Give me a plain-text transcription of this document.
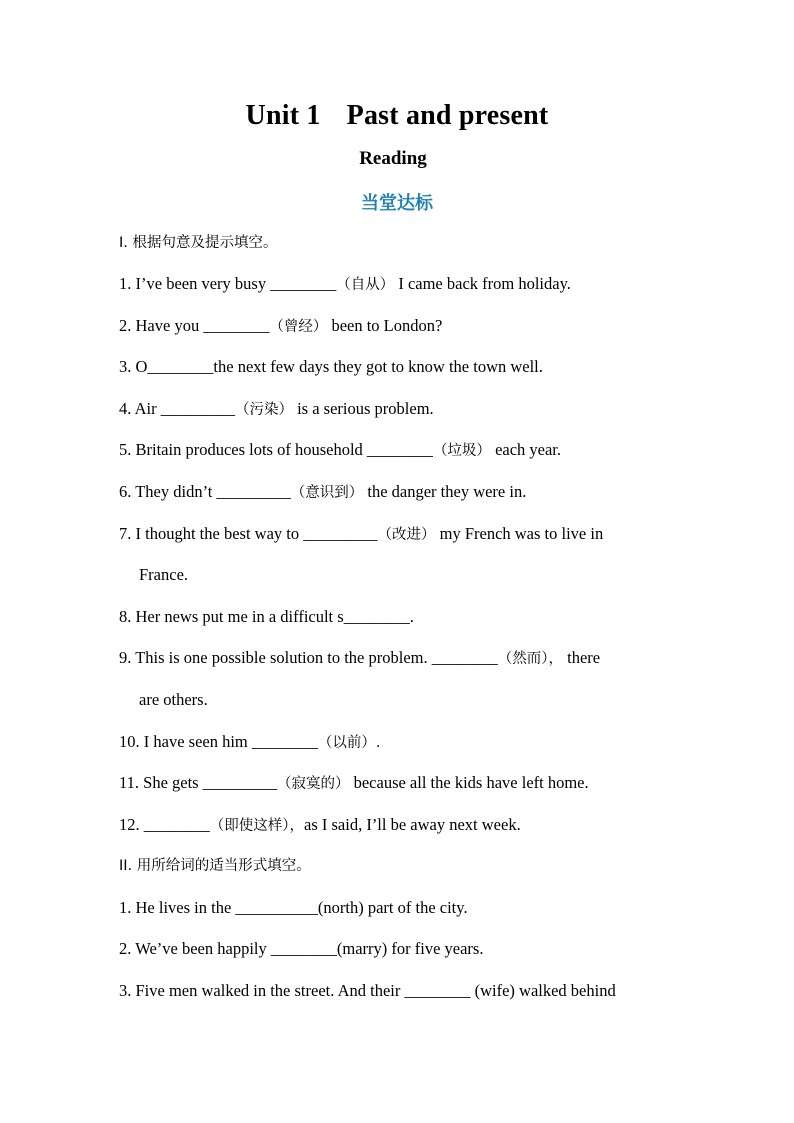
Unit 1 Past and present
Reading
当堂达标
I. 根据句意及提示填空。
1. I’ve been very busy ________（自从） I came back from holiday.
2. Have you ________（曾经） been to London?
3. O________the next few days they got to know the town well.
4. Air _________（污染） is a serious problem.
5. Britain produces lots of household ________（垃圾） each year.
6. They didn’t _________（意识到） the danger they were in.
7. I thought the best way to _________（改进） my French was to live in
France.
8. Her news put me in a difficult s________.
9. This is one possible solution to the problem. ________（然而）， there
are others.
10. I have seen him ________（以前）.
11. She gets _________（寂寞的） because all the kids have left home.
12. ________（即使这样），as I said, I’ll be away next week.
II. 用所给词的适当形式填空。
1. He lives in the __________(north) part of the city.
2. We’ve been happily ________(marry) for five years.
3. Five men walked in the street. And their ________ (wife) walked behind
